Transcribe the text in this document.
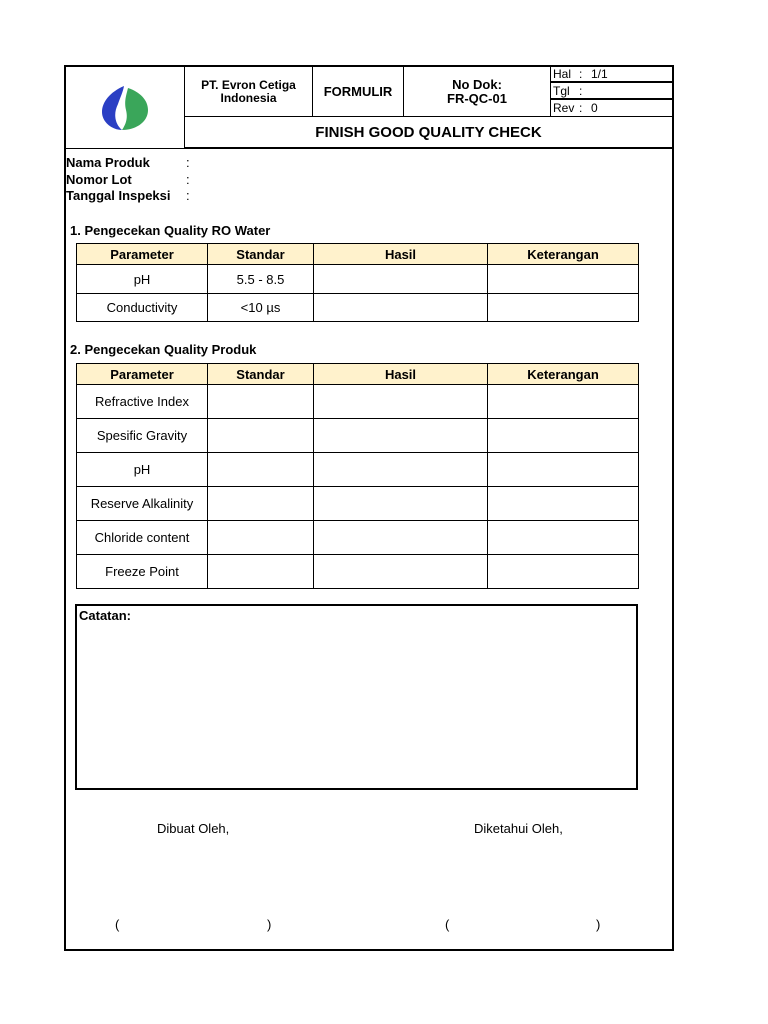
PT. Evron Cetiga
Indonesia	FORMULIR	No Dok:
FR-QC-01
Hal : 1/1
Tgl :
Rev : 0
FINISH GOOD QUALITY CHECK
Nama Produk	:
Nomor Lot	:
Tanggal Inspeksi :
1. Pengecekan Quality RO Water
Parameter	Standar	Hasil	Keterangan
pH	5.5 - 8.5		
Conductivity	<10 µs		
2. Pengecekan Quality Produk
Parameter	Standar	Hasil	Keterangan
Refractive Index			
Spesific Gravity			
pH			
Reserve Alkalinity			
Chloride content			
Freeze Point			
Catatan:
Dibuat Oleh,	Diketahui Oleh,
(	)	(	)
